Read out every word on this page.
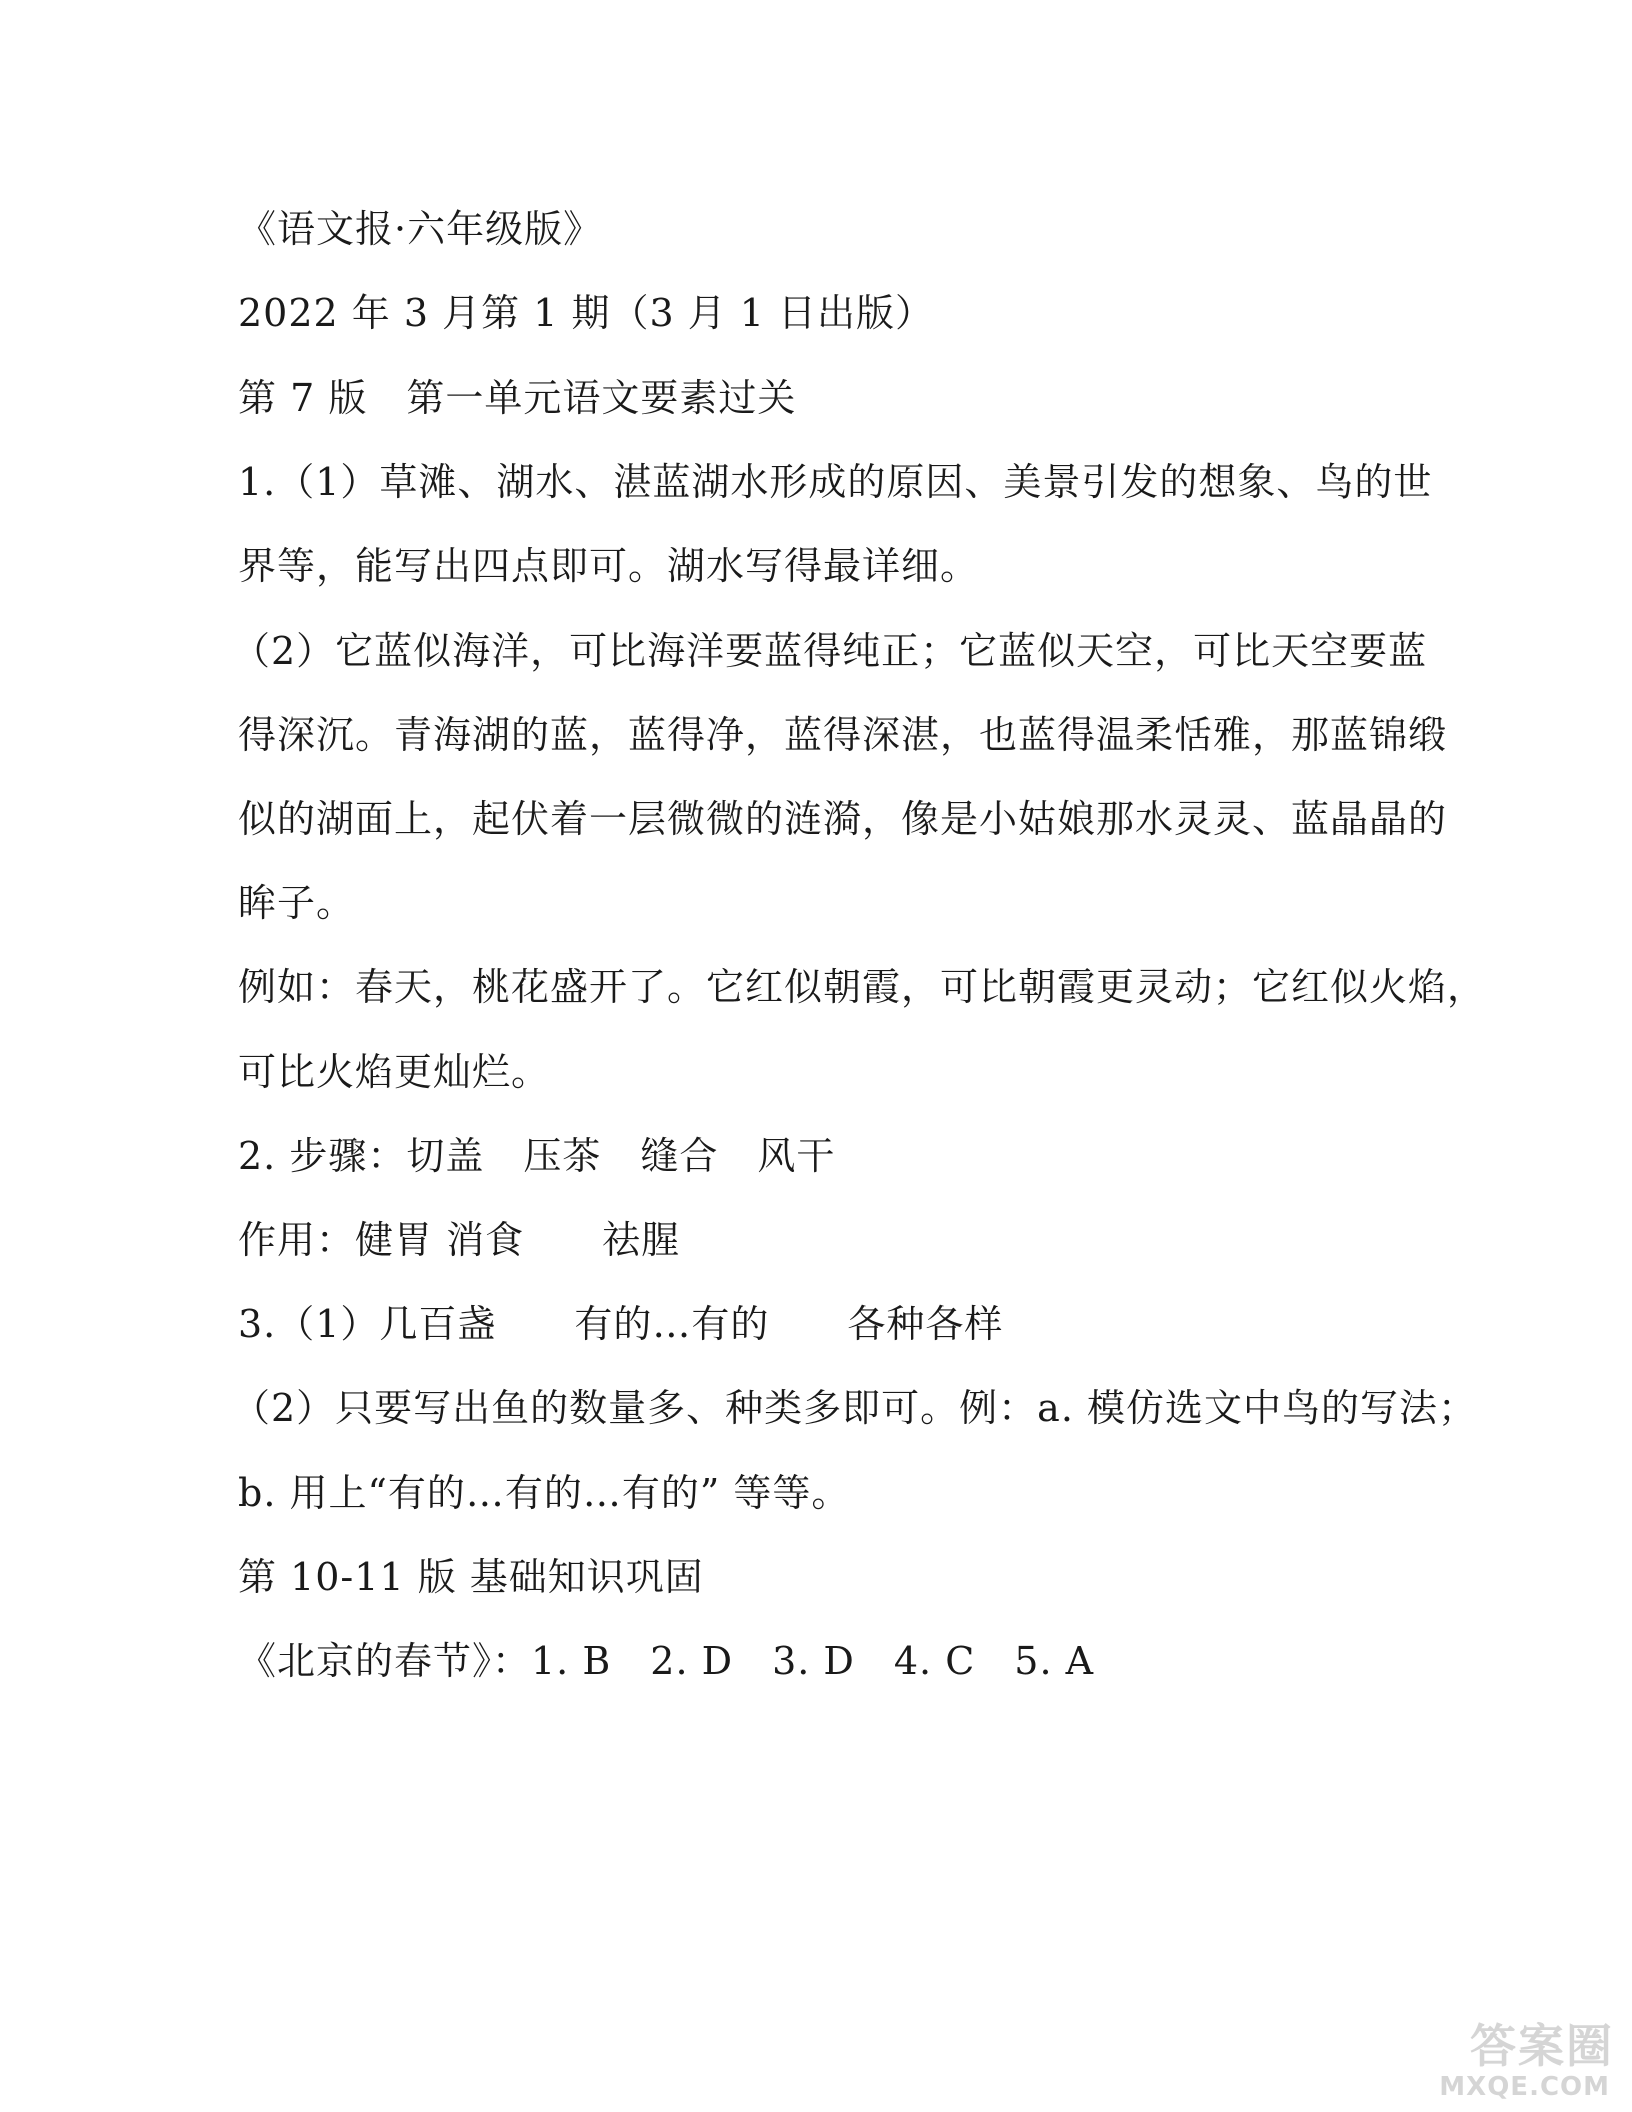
《语文报·六年级版》
2022 年 3 月第 1 期（3 月 1 日出版）
第 7 版　第一单元语文要素过关
1.（1）草滩、湖水、湛蓝湖水形成的原因、美景引发的想象、鸟的世
界等，能写出四点即可。湖水写得最详细。
（2）它蓝似海洋，可比海洋要蓝得纯正；它蓝似天空，可比天空要蓝
得深沉。青海湖的蓝，蓝得净，蓝得深湛，也蓝得温柔恬雅，那蓝锦缎
似的湖面上，起伏着一层微微的涟漪，像是小姑娘那水灵灵、蓝晶晶的
眸子。
例如：春天，桃花盛开了。它红似朝霞，可比朝霞更灵动；它红似火焰，
可比火焰更灿烂。
2. 步骤：切盖　压茶　缝合　风干
作用：健胃 消食　　祛腥
3.（1）几百盏　　有的…有的　　各种各样
（2）只要写出鱼的数量多、种类多即可。例：a. 模仿选文中鸟的写法；
b. 用上“有的…有的…有的” 等等。
第 10-11 版 基础知识巩固
《北京的春节》：1. B　2. D　3. D　4. C　5. A
答案圈
MXQE.COM
